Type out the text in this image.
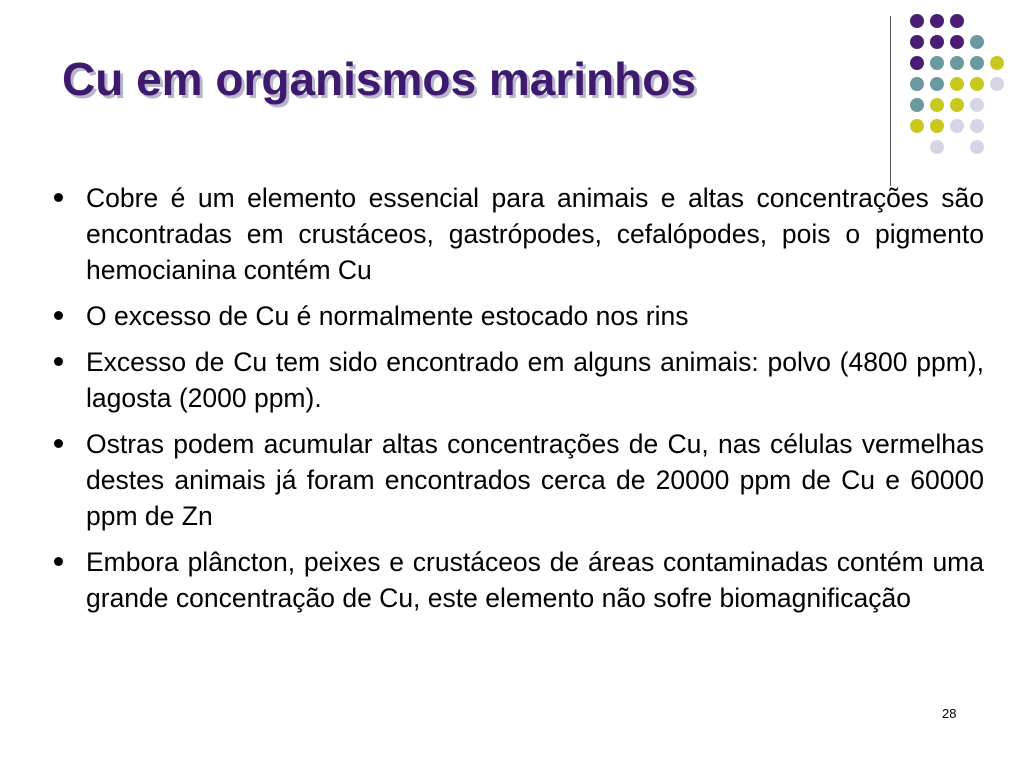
Cu em organismos marinhos
Cobre é um elemento essencial para animais e altas concentrações são encontradas em crustáceos, gastrópodes, cefalópodes, pois o pigmento hemocianina contém Cu
O excesso de Cu é normalmente estocado nos rins
Excesso de Cu tem sido encontrado em alguns animais: polvo (4800 ppm), lagosta (2000 ppm).
Ostras podem acumular altas concentrações de Cu, nas células vermelhas destes animais já foram encontrados cerca de 20000 ppm de Cu e 60000 ppm de Zn
Embora plâncton, peixes e crustáceos de áreas contaminadas contém uma grande concentração de Cu, este elemento não sofre biomagnificação
28
